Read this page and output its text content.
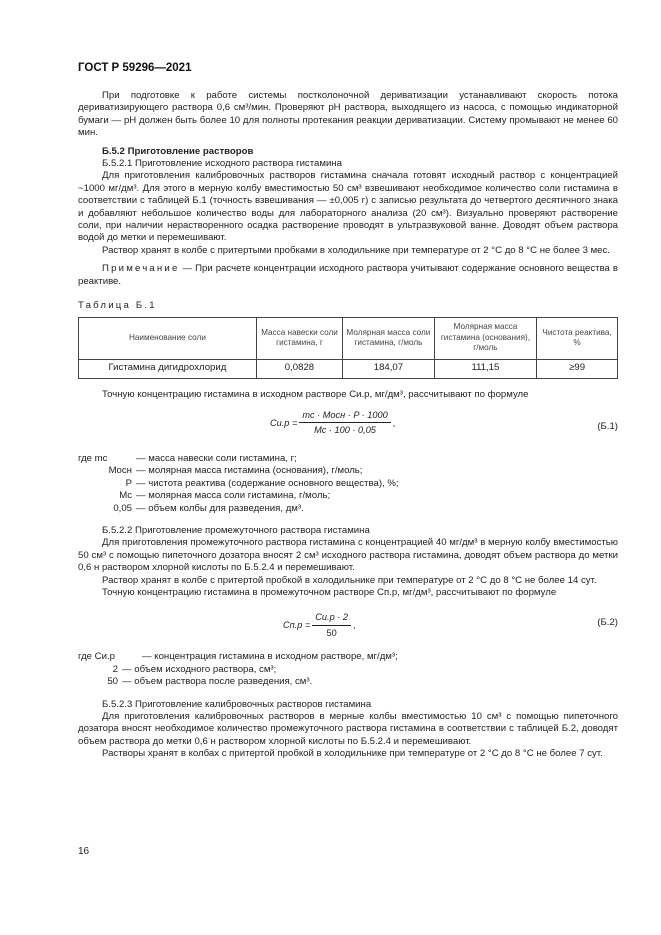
ГОСТ Р 59296—2021

При подготовке к работе системы постколоночной дериватизации устанавливают скорость потока дериватизирующего раствора 0,6 см³/мин. Проверяют pH раствора, выходящего из насоса, с помощью индикаторной бумаги — pH должен быть более 10 для полноты протекания реакции дериватизации. Систему промывают не менее 60 мин.

Б.5.2 Приготовление растворов

Б.5.2.1 Приготовление исходного раствора гистамина

Для приготовления калибровочных растворов гистамина сначала готовят исходный раствор с концентрацией ~1000 мг/дм³. Для этого в мерную колбу вместимостью 50 см³ взвешивают необходимое количество соли гистамина в соответствии с таблицей Б.1 (точность взвешивания — ±0,005 г) с записью результата до четвертого десятичного знака и добавляют небольшое количество воды для лабораторного анализа (20 см³). Визуально проверяют растворение соли, при наличии нерастворенного осадка растворение проводят в ультразвуковой ванне. Доводят объем раствора водой до метки и перемешивают.

Раствор хранят в колбе с притертыми пробками в холодильнике при температуре от 2 °С до 8 °С не более 3 мес.

Примечание — При расчете концентрации исходного раствора учитывают содержание основного вещества в реактиве.

Таблица Б.1

Наименование соли	Масса навески соли гистамина, г	Молярная масса соли гистамина, г/моль	Молярная масса гистамина (основания), г/моль	Чистота реактива, %
Гистамина дигидрохлорид	0,0828	184,07	111,15	≥99

Точную концентрацию гистамина в исходном растворе Cи.р, мг/дм³, рассчитывают по формуле

$Cи.р = \frac{\text{mс · Mосн · P · 1000}}{Mс \cdot 100 \cdot 0,05}$ ,	(Б.1)
где mс	— масса навески соли гистамина, г;
Mосн — молярная масса гистамина (основания), г/моль;
P — чистота реактива (содержание основного вещества), %;
Mс — молярная масса соли гистамина, г/моль;
0,05 — объем колбы для разведения, дм³.

Б.5.2.2 Приготовление промежуточного раствора гистамина

Для приготовления промежуточного раствора гистамина с концентрацией 40 мг/дм³ в мерную колбу вместимостью 50 см³ с помощью пипеточного дозатора вносят 2 см³ исходного раствора гистамина, доводят объем раствора до метки 0,6 н раствором хлорной кислоты по Б.5.2.4 и перемешивают.

Раствор хранят в колбе с притертой пробкой в холодильнике при температуре от 2 °С до 8 °С не более 14 сут.

Точную концентрацию гистамина в промежуточном растворе Cп.р, мг/дм³, рассчитывают по формуле

$Cп.р = \frac{Cи.р \cdot 2}{50}$ ,	(Б.2)
где Cи.р	— концентрация гистамина в исходном растворе, мг/дм³;
2 — объем исходного раствора, см³;
50 — объем раствора после разведения, см³.

Б.5.2.3 Приготовление калибровочных растворов гистамина

Для приготовления калибровочных растворов в мерные колбы вместимостью 10 см³ с помощью пипеточного дозатора вносят необходимое количество промежуточного раствора гистамина в соответствии с таблицей Б.2, доводят объем раствора до метки 0,6 н раствором хлорной кислоты по Б.5.2.4 и перемешивают.

Растворы хранят в колбах с притертой пробкой в холодильнике при температуре от 2 °С до 8 °С не более 7 сут.

16
